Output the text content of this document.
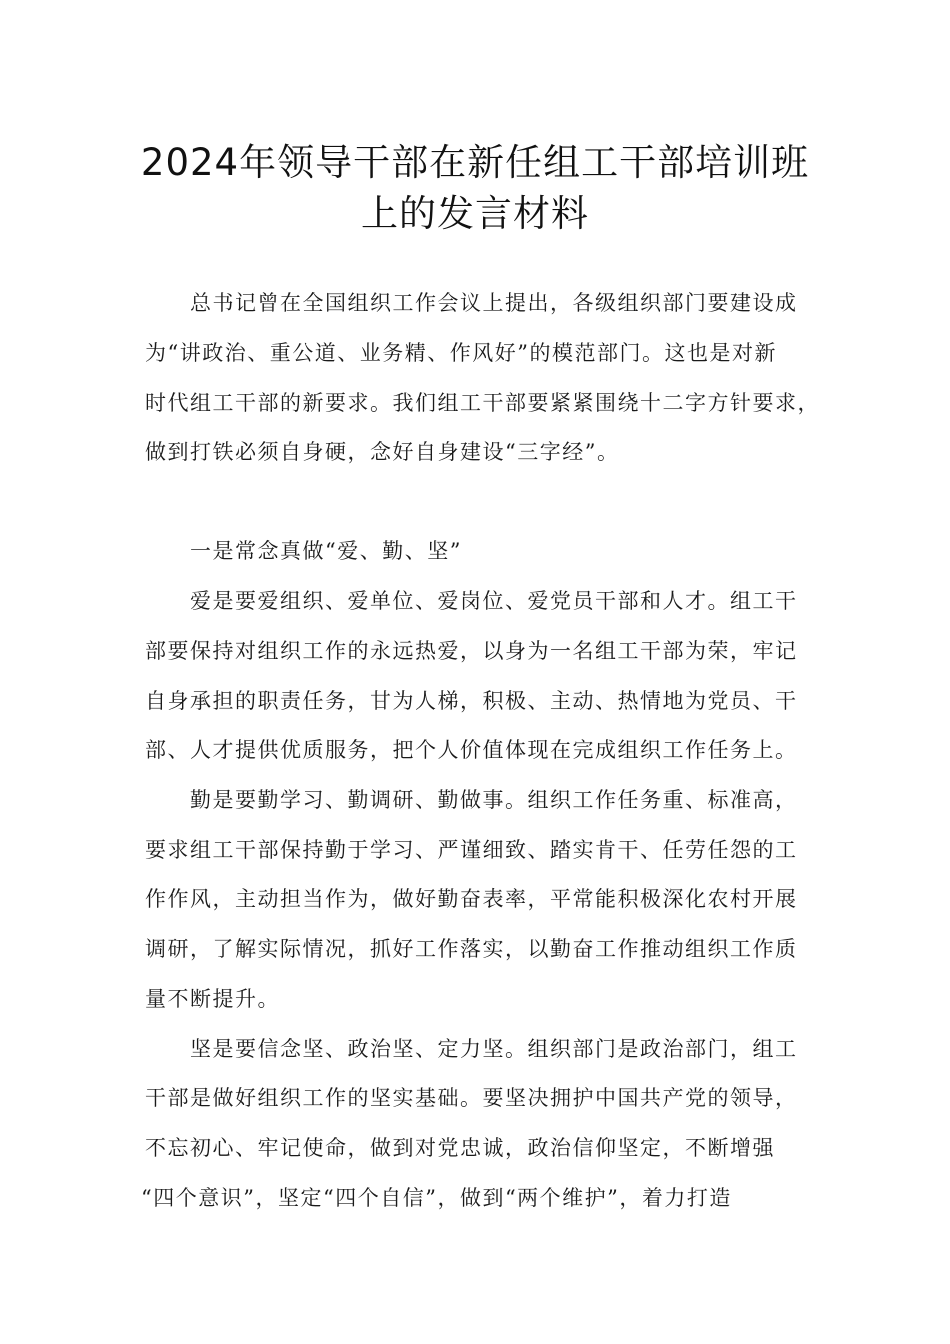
2024年领导干部在新任组工干部培训班
上的发言材料
总书记曾在全国组织工作会议上提出，各级组织部门要建设成
为“讲政治、重公道、业务精、作风好”的模范部门。这也是对新
时代组工干部的新要求。我们组工干部要紧紧围绕十二字方针要求，
做到打铁必须自身硬，念好自身建设“三字经”。
一是常念真做“爱、勤、坚”
爱是要爱组织、爱单位、爱岗位、爱党员干部和人才。组工干
部要保持对组织工作的永远热爱，以身为一名组工干部为荣，牢记
自身承担的职责任务，甘为人梯，积极、主动、热情地为党员、干
部、人才提供优质服务，把个人价值体现在完成组织工作任务上。
勤是要勤学习、勤调研、勤做事。组织工作任务重、标准高，
要求组工干部保持勤于学习、严谨细致、踏实肯干、任劳任怨的工
作作风，主动担当作为，做好勤奋表率，平常能积极深化农村开展
调研，了解实际情况，抓好工作落实，以勤奋工作推动组织工作质
量不断提升。
坚是要信念坚、政治坚、定力坚。组织部门是政治部门，组工
干部是做好组织工作的坚实基础。要坚决拥护中国共产党的领导，
不忘初心、牢记使命，做到对党忠诚，政治信仰坚定，不断增强
“四个意识”，坚定“四个自信”，做到“两个维护”，着力打造
